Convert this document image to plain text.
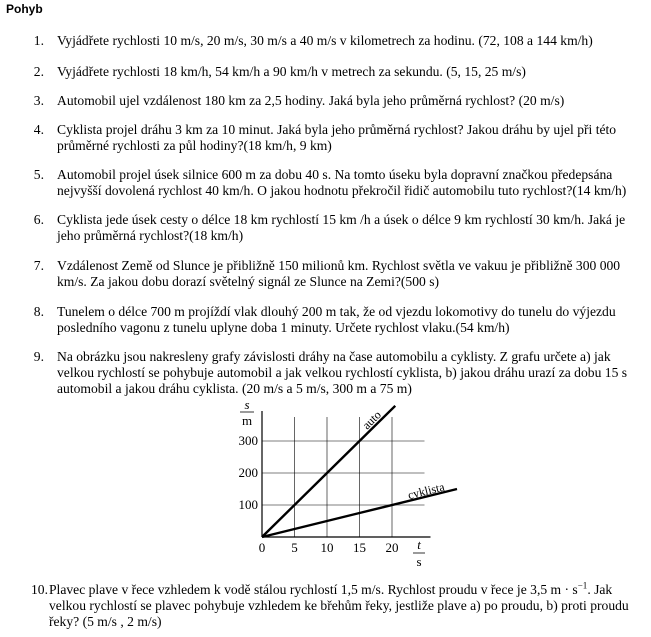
Pohyb
1. Vyjádřete rychlosti 10 m/s, 20 m/s, 30 m/s a 40 m/s v kilometrech za hodinu. (72, 108 a 144 km/h)
2. Vyjádřete rychlosti 18 km/h, 54 km/h a 90 km/h v metrech za sekundu. (5, 15, 25 m/s)
3. Automobil ujel vzdálenost 180 km za 2,5 hodiny. Jaká byla jeho průměrná rychlost? (20 m/s)
4. Cyklista projel dráhu 3 km za 10 minut. Jaká byla jeho průměrná rychlost? Jakou dráhu by ujel při této průměrné rychlosti za půl hodiny?(18 km/h, 9 km)
5. Automobil projel úsek silnice 600 m za dobu 40 s. Na tomto úseku byla dopravní značkou předepsána nejvyšší dovolená rychlost 40 km/h. O jakou hodnotu překročil řidič automobilu tuto rychlost?(14 km/h)
6. Cyklista jede úsek cesty o délce 18 km rychlostí 15 km /h a úsek o délce 9 km rychlostí 30 km/h. Jaká je jeho průměrná rychlost?(18 km/h)
7. Vzdálenost Země od Slunce je přibližně 150 milionů km. Rychlost světla ve vakuu je přibližně 300 000 km/s. Za jakou dobu dorazí světelný signál ze Slunce na Zemi?(500 s)
8. Tunelem o délce 700 m projíždí vlak dlouhý 200 m tak, že od vjezdu lokomotivy do tunelu do výjezdu posledního vagonu z tunelu uplyne doba 1 minuty. Určete rychlost vlaku.(54 km/h)
9. Na obrázku jsou nakresleny grafy závislosti dráhy na čase automobilu a cyklisty. Z grafu určete a) jak velkou rychlostí se pohybuje automobil a jak velkou rychlostí cyklista, b) jakou dráhu urazí za dobu 15 s automobil a jakou dráhu cyklista. (20 m/s a 5 m/s, 300 m a 75 m)
auto
cyklista
0 5 10 15 20
100
200
300
s
m
t
s
10. Plavec plave v řece vzhledem k vodě stálou rychlostí 1,5 m/s. Rychlost proudu v řece je 3,5 $m \cdot s^{-1}$. Jak velkou rychlostí se plavec pohybuje vzhledem ke břehům řeky, jestliže plave a) po proudu, b) proti proudu řeky? (5 m/s , 2 m/s)
